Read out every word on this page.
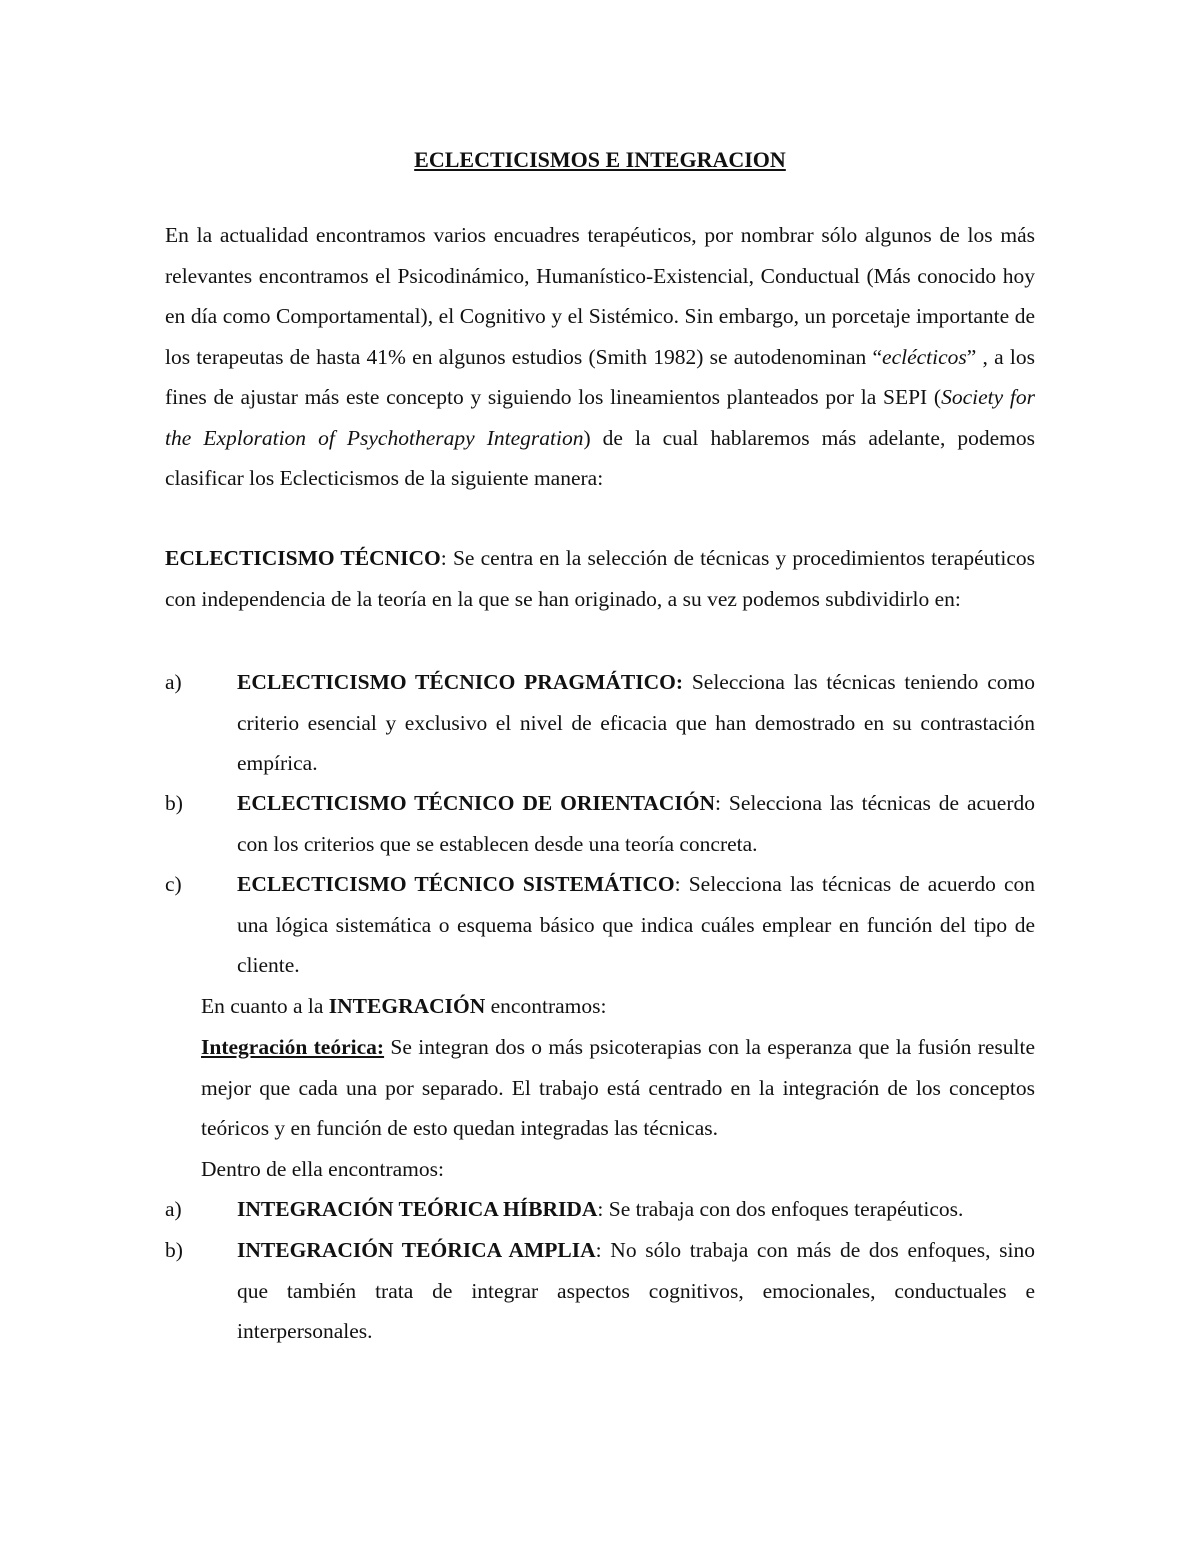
ECLECTICISMOS E INTEGRACION
En la actualidad encontramos varios encuadres terapéuticos, por nombrar sólo algunos de los más relevantes encontramos el Psicodinámico, Humanístico-Existencial, Conductual (Más conocido hoy en día como Comportamental), el Cognitivo y el Sistémico. Sin embargo, un porcetaje importante de los terapeutas de hasta 41% en algunos estudios (Smith 1982) se autodenominan “eclécticos” , a los fines de ajustar más este concepto y siguiendo los lineamientos planteados por la SEPI (Society for the Exploration of Psychotherapy Integration) de la cual hablaremos más adelante, podemos clasificar los Eclecticismos de la siguiente manera:
ECLECTICISMO TÉCNICO: Se centra en la selección de técnicas y procedimientos terapéuticos con independencia de la teoría en la que se han originado, a su vez podemos subdividirlo en:
a)	ECLECTICISMO TÉCNICO PRAGMÁTICO: Selecciona las técnicas teniendo como criterio esencial y exclusivo el nivel de eficacia que han demostrado en su contrastación empírica.
b)	ECLECTICISMO TÉCNICO DE ORIENTACIÓN: Selecciona las técnicas de acuerdo con los criterios que se establecen desde una teoría concreta.
c)	ECLECTICISMO TÉCNICO SISTEMÁTICO: Selecciona las técnicas de acuerdo con una lógica sistemática o esquema básico que indica cuáles emplear en función del tipo de cliente.
En cuanto a la INTEGRACIÓN encontramos:
Integración teórica: Se integran dos o más psicoterapias con la esperanza que la fusión resulte mejor que cada una por separado. El trabajo está centrado en la integración de los conceptos teóricos y en función de esto quedan integradas las técnicas.
Dentro de ella encontramos:
a)	INTEGRACIÓN TEÓRICA HÍBRIDA: Se trabaja con dos enfoques terapéuticos.
b)	INTEGRACIÓN TEÓRICA AMPLIA: No sólo trabaja con más de dos enfoques, sino que también trata de integrar aspectos cognitivos, emocionales, conductuales e interpersonales.
